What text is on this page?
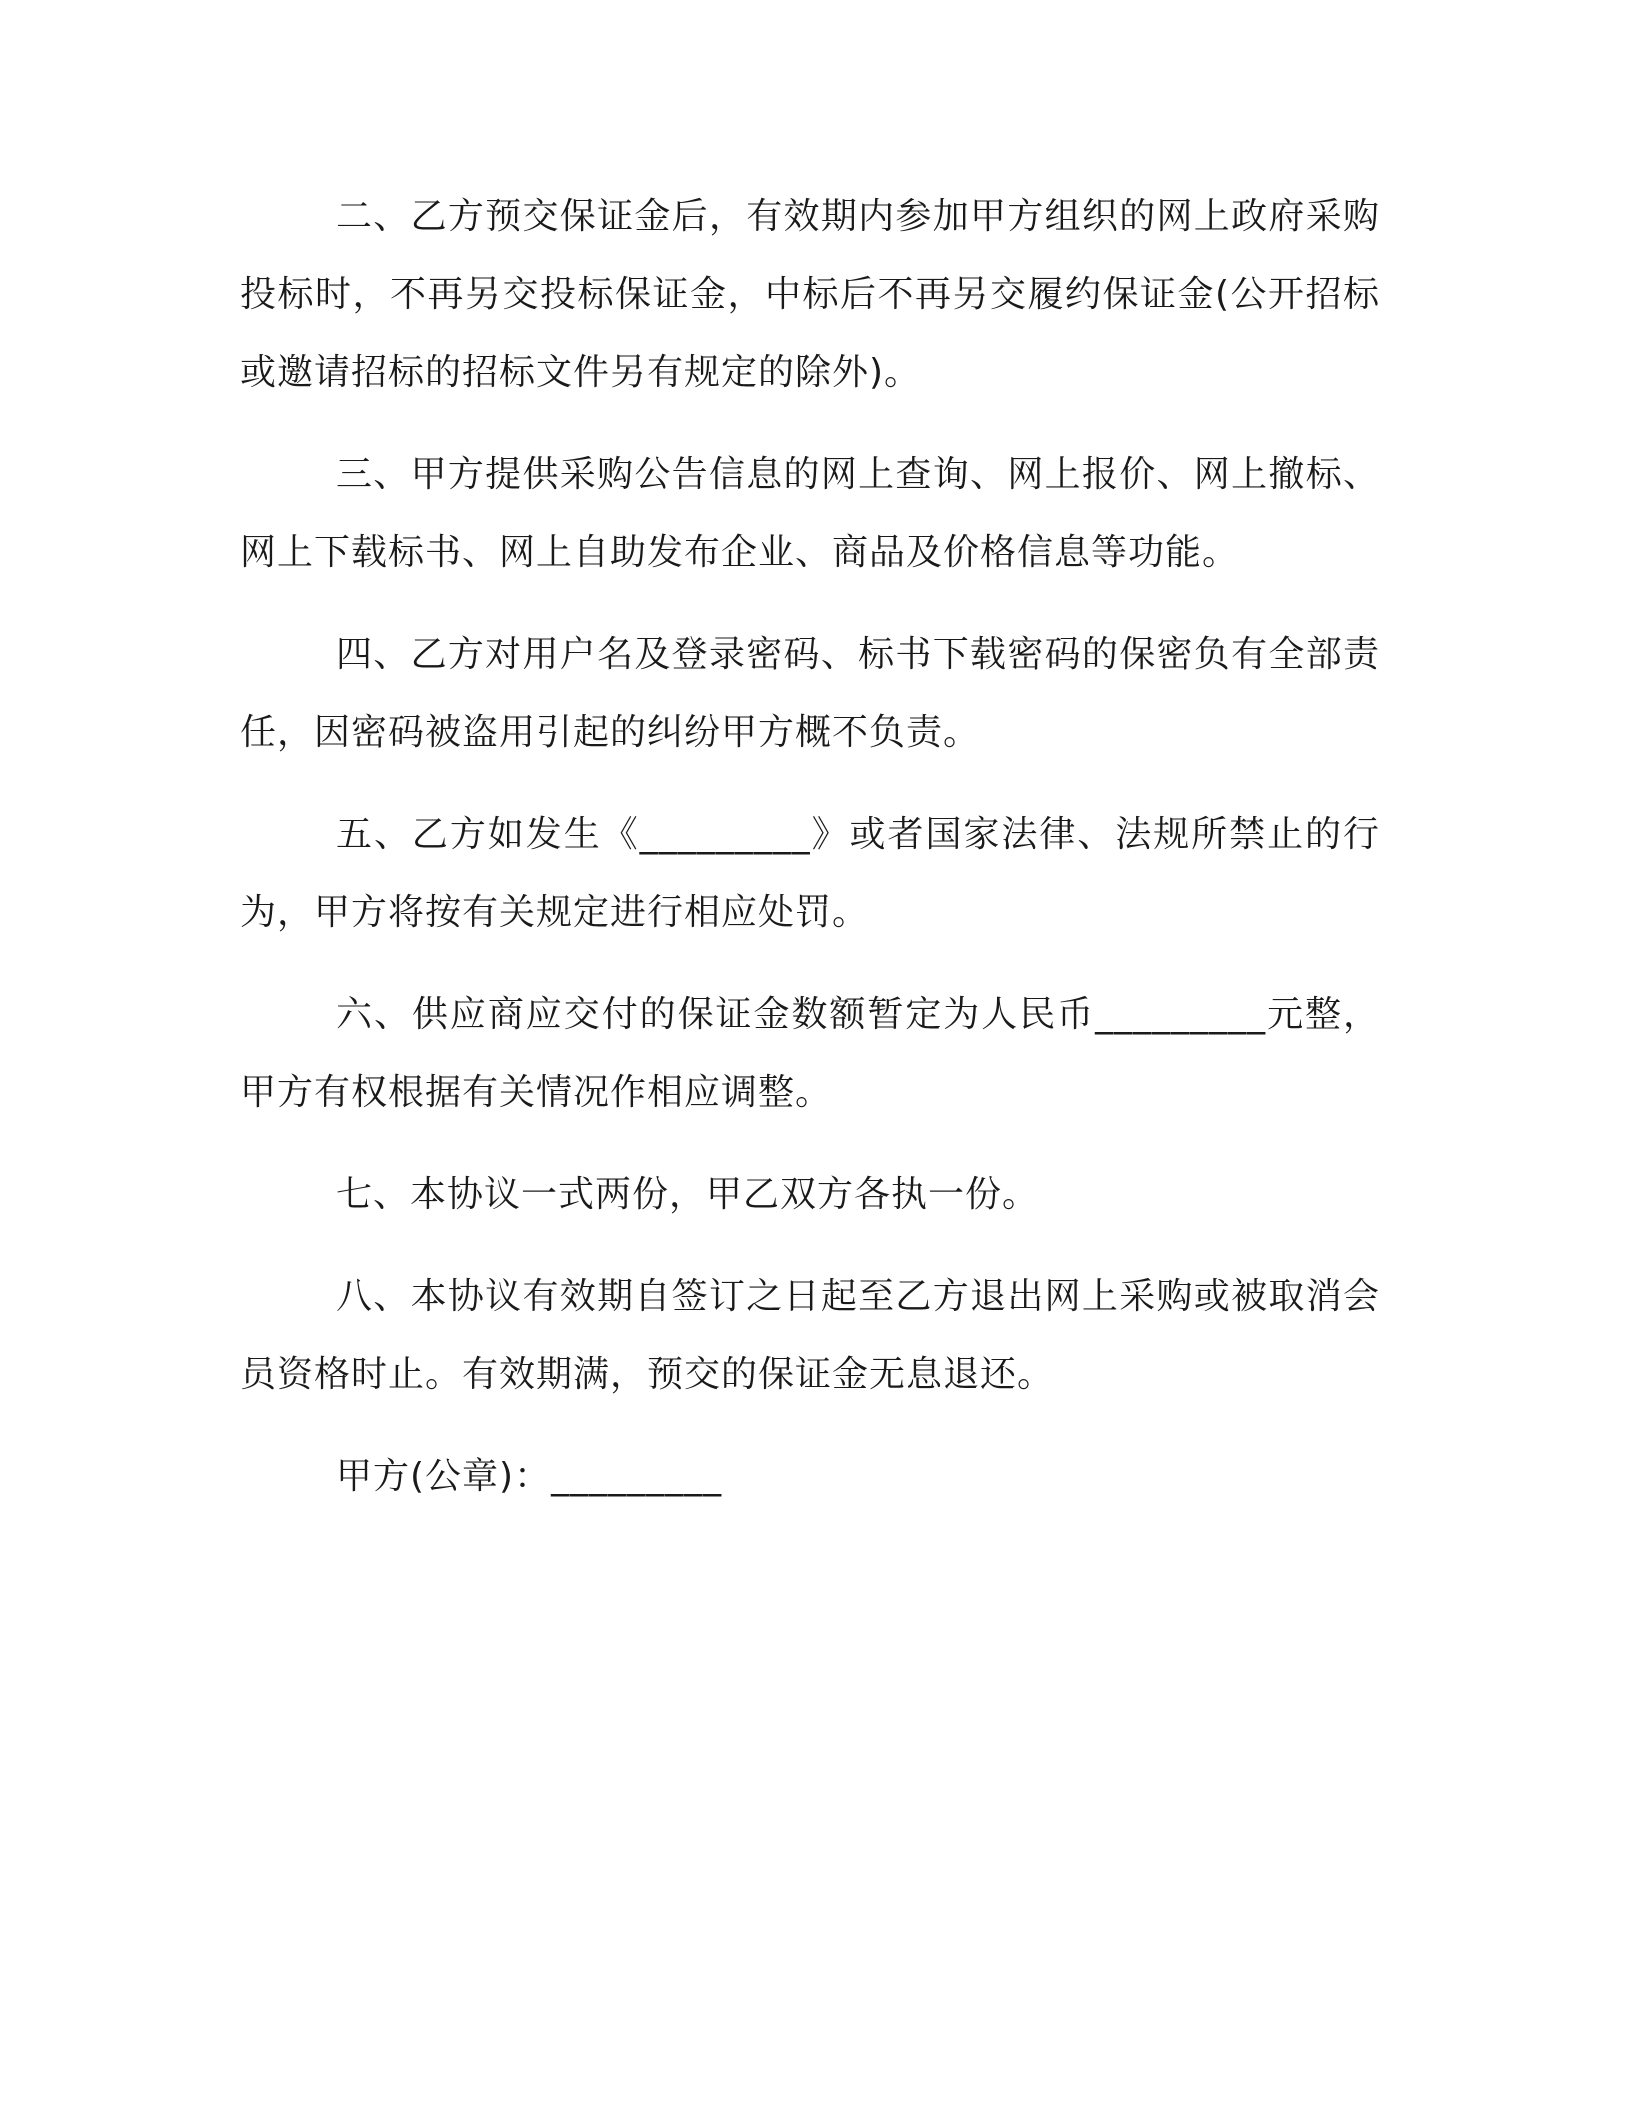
二、乙方预交保证金后，有效期内参加甲方组织的网上政府采购投标时，不再另交投标保证金，中标后不再另交履约保证金(公开招标或邀请招标的招标文件另有规定的除外)。

三、甲方提供采购公告信息的网上查询、网上报价、网上撤标、网上下载标书、网上自助发布企业、商品及价格信息等功能。

四、乙方对用户名及登录密码、标书下载密码的保密负有全部责任，因密码被盗用引起的纠纷甲方概不负责。

五、乙方如发生《_________》或者国家法律、法规所禁止的行为，甲方将按有关规定进行相应处罚。

六、供应商应交付的保证金数额暂定为人民币_________元整，甲方有权根据有关情况作相应调整。

七、本协议一式两份，甲乙双方各执一份。

八、本协议有效期自签订之日起至乙方退出网上采购或被取消会员资格时止。有效期满，预交的保证金无息退还。

甲方(公章)：_________
